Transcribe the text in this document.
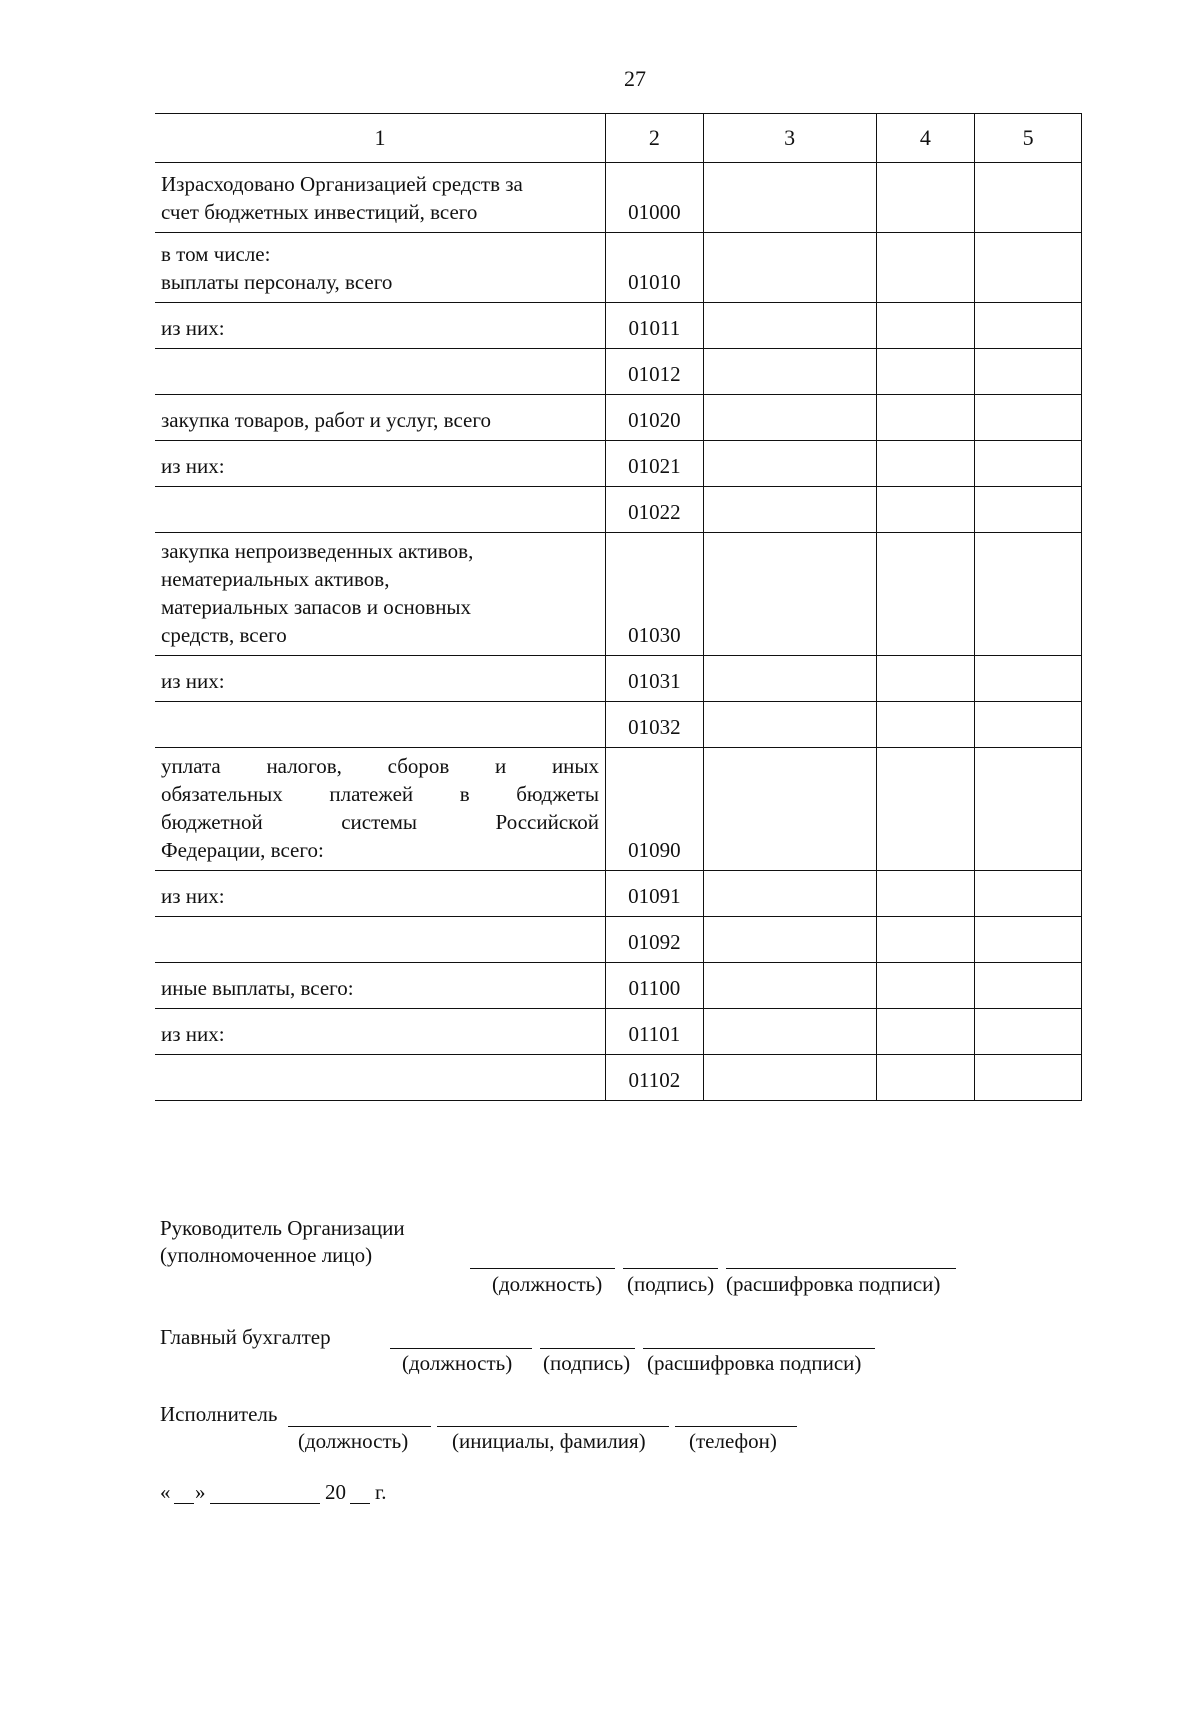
27
1	2	3	4	5

Израсходовано Организацией средств за
счет бюджетных инвестиций, всего	01000			

в том числе:
выплаты персоналу, всего	01010			

из них:	01011			

	01012			

закупка товаров, работ и услуг, всего	01020			

из них:	01021			

	01022			

закупка непроизведенных активов,
нематериальных активов,
материальных запасов и основных
средств, всего	01030			

из них:	01031			

	01032			

уплата налогов, сборов и иных
обязательных платежей в бюджеты
бюджетной системы Российской
Федерации, всего:	01090			

из них:	01091			

	01092			

иные выплаты, всего:	01100			

из них:	01101			

	01102			
Руководитель Организации
(уполномоченное лицо)
(должность) (подпись) (расшифровка подписи)
Главный бухгалтер
(должность) (подпись) (расшифровка подписи)
Исполнитель
(должность) (инициалы, фамилия) (телефон)
« »	20 г.
